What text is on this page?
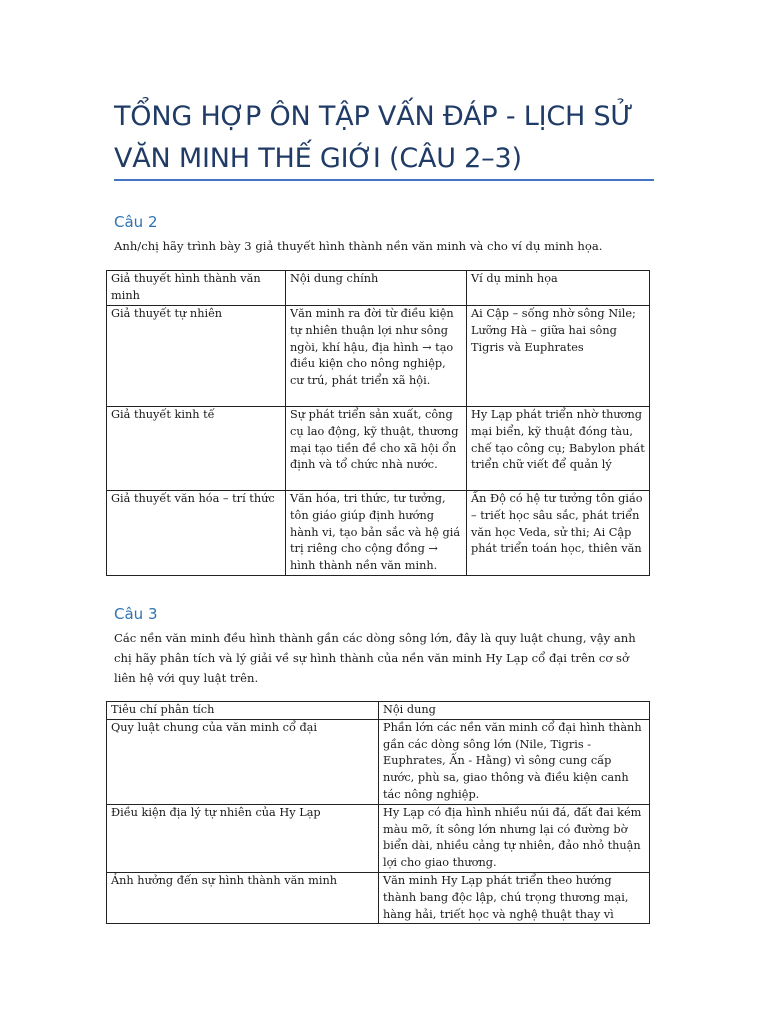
TỔNG HỢP ÔN TẬP VẤN ĐÁP - LỊCH SỬ
VĂN MINH THẾ GIỚI (CÂU 2–3)
Câu 2

Anh/chị hãy trình bày 3 giả thuyết hình thành nền văn minh và cho ví dụ minh họa.

Giả thuyết hình thành văn minh	Nội dung chính	Ví dụ minh họa
Giả thuyết tự nhiên	Văn minh ra đời từ điều kiện tự nhiên thuận lợi như sông ngòi, khí hậu, địa hình → tạo điều kiện cho nông nghiệp, cư trú, phát triển xã hội.	Ai Cập – sống nhờ sông Nile; Lưỡng Hà – giữa hai sông Tigris và Euphrates
Giả thuyết kinh tế	Sự phát triển sản xuất, công cụ lao động, kỹ thuật, thương mại tạo tiền đề cho xã hội ổn định và tổ chức nhà nước.	Hy Lạp phát triển nhờ thương mại biển, kỹ thuật đóng tàu, chế tạo công cụ; Babylon phát triển chữ viết để quản lý
Giả thuyết văn hóa – trí thức	Văn hóa, tri thức, tư tưởng, tôn giáo giúp định hướng hành vi, tạo bản sắc và hệ giá trị riêng cho cộng đồng → hình thành nền văn minh.	Ấn Độ có hệ tư tưởng tôn giáo – triết học sâu sắc, phát triển văn học Veda, sử thi; Ai Cập phát triển toán học, thiên văn
Câu 3

Các nền văn minh đều hình thành gần các dòng sông lớn, đây là quy luật chung, vậy anh chị hãy phân tích và lý giải về sự hình thành của nền văn minh Hy Lạp cổ đại trên cơ sở liên hệ với quy luật trên.

Tiêu chí phân tích	Nội dung
Quy luật chung của văn minh cổ đại	Phần lớn các nền văn minh cổ đại hình thành gần các dòng sông lớn (Nile, Tigris - Euphrates, Ấn - Hằng) vì sông cung cấp nước, phù sa, giao thông và điều kiện canh tác nông nghiệp.
Điều kiện địa lý tự nhiên của Hy Lạp	Hy Lạp có địa hình nhiều núi đá, đất đai kém màu mỡ, ít sông lớn nhưng lại có đường bờ biển dài, nhiều cảng tự nhiên, đảo nhỏ thuận lợi cho giao thương.
Ảnh hưởng đến sự hình thành văn minh	Văn minh Hy Lạp phát triển theo hướng thành bang độc lập, chú trọng thương mại, hàng hải, triết học và nghệ thuật thay vì
